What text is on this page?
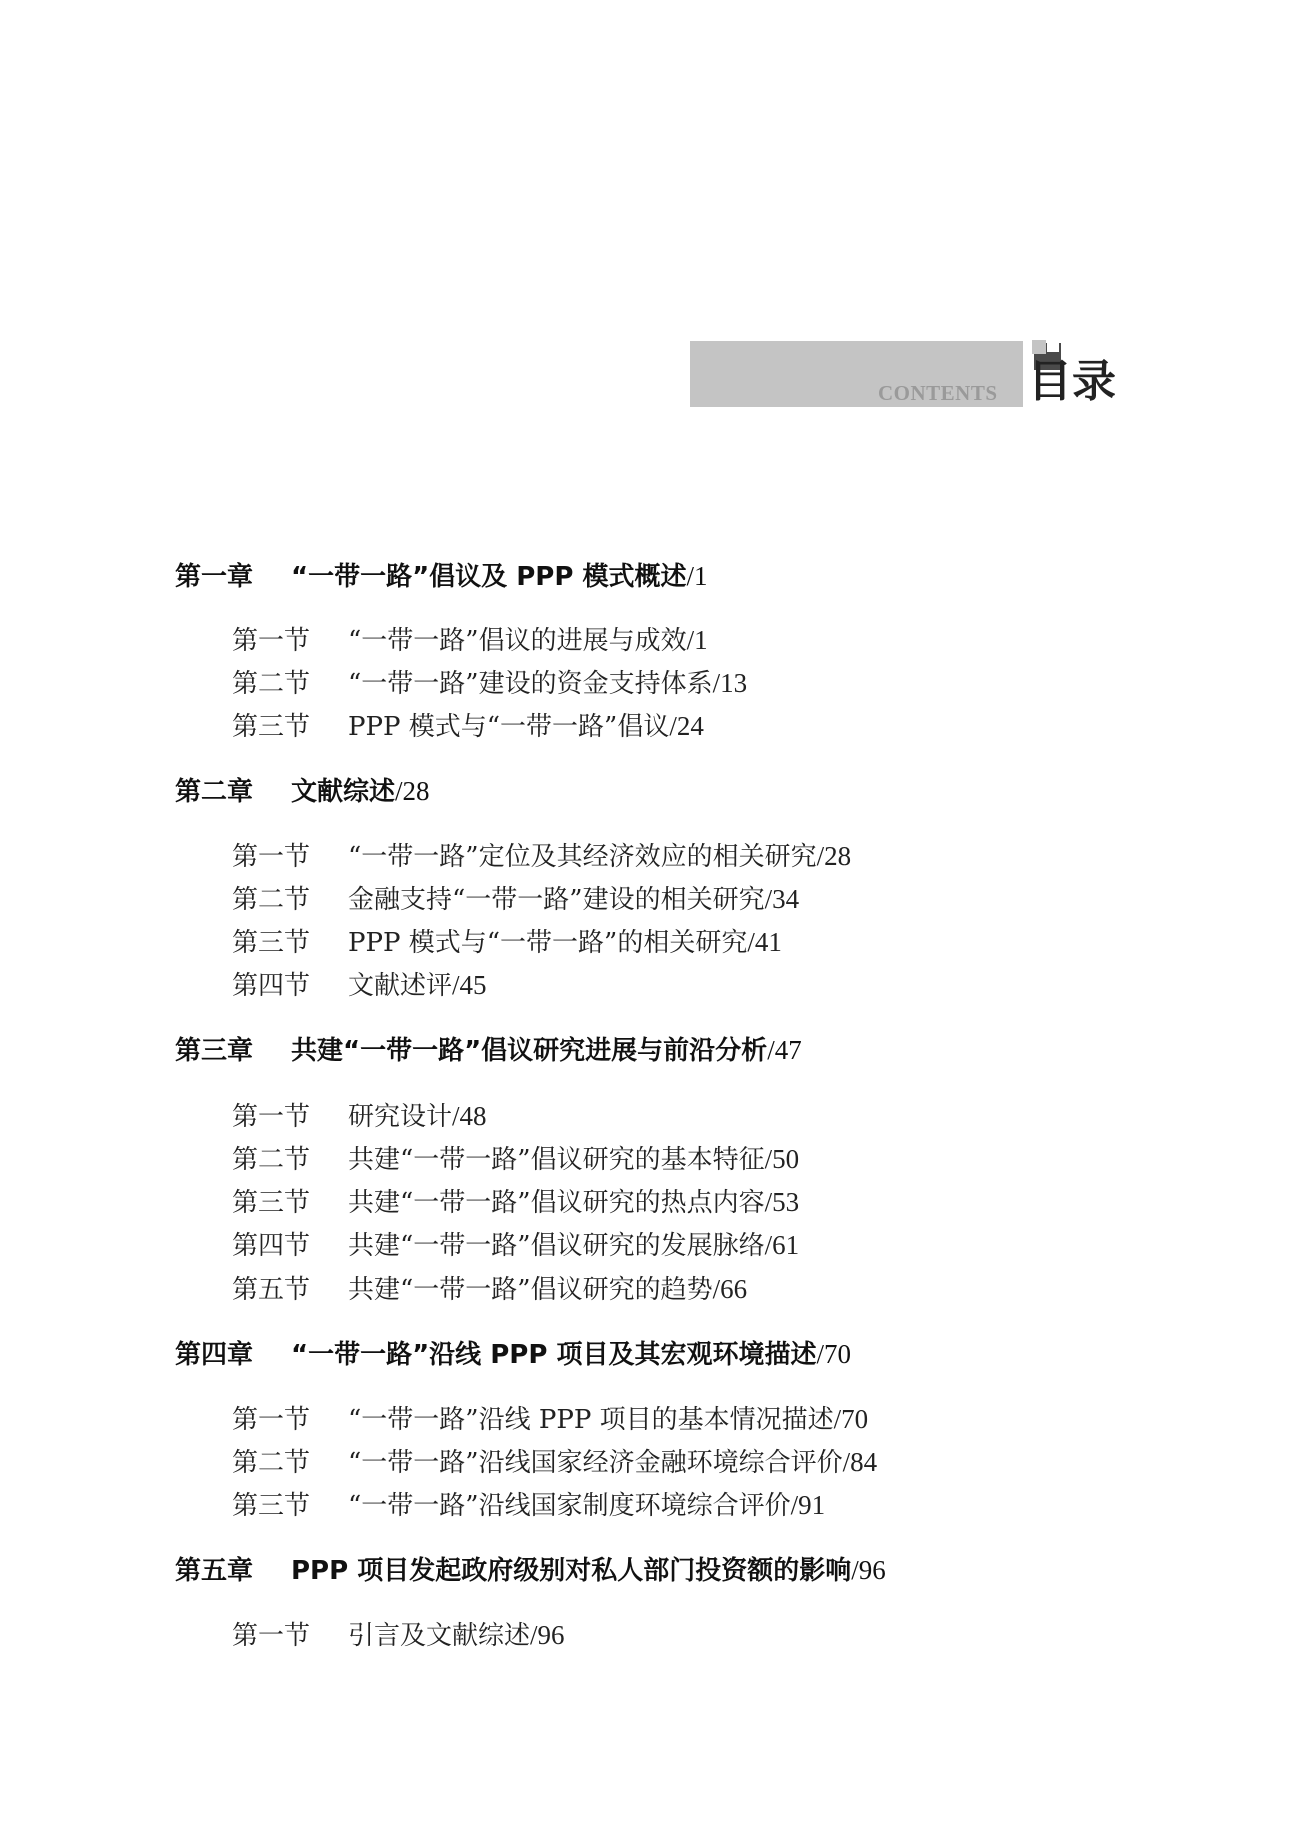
CONTENTS 目录
第一章 “一带一路”倡议及 PPP 模式概述/1
第一节 “一带一路”倡议的进展与成效/1
第二节 “一带一路”建设的资金支持体系/13
第三节 PPP 模式与“一带一路”倡议/24
第二章 文献综述/28
第一节 “一带一路”定位及其经济效应的相关研究/28
第二节 金融支持“一带一路”建设的相关研究/34
第三节 PPP 模式与“一带一路”的相关研究/41
第四节 文献述评/45
第三章 共建“一带一路”倡议研究进展与前沿分析/47
第一节 研究设计/48
第二节 共建“一带一路”倡议研究的基本特征/50
第三节 共建“一带一路”倡议研究的热点内容/53
第四节 共建“一带一路”倡议研究的发展脉络/61
第五节 共建“一带一路”倡议研究的趋势/66
第四章 “一带一路”沿线 PPP 项目及其宏观环境描述/70
第一节 “一带一路”沿线 PPP 项目的基本情况描述/70
第二节 “一带一路”沿线国家经济金融环境综合评价/84
第三节 “一带一路”沿线国家制度环境综合评价/91
第五章 PPP 项目发起政府级别对私人部门投资额的影响/96
第一节 引言及文献综述/96
